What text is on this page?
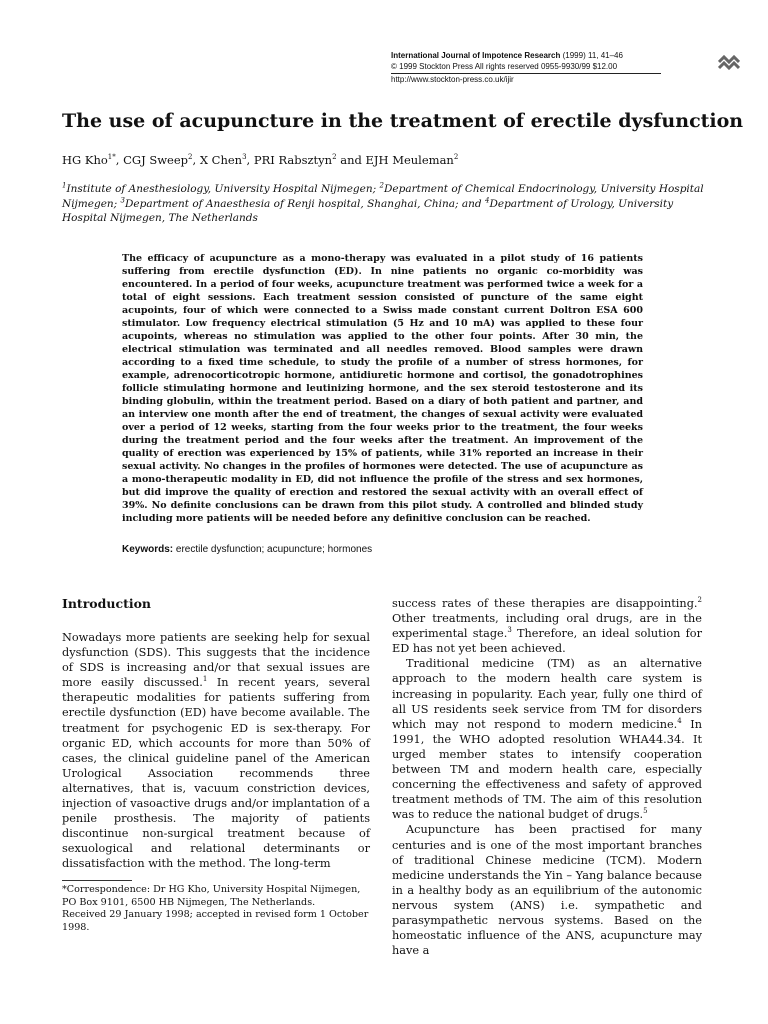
International Journal of Impotence Research (1999) 11, 41–46
© 1999 Stockton Press All rights reserved 0955-9930/99 $12.00
http://www.stockton-press.co.uk/ijir
The use of acupuncture in the treatment of erectile dysfunction
HG Kho$^{1*}$, CGJ Sweep$^2$, X Chen$^3$, PRI Rabsztyn$^2$ and EJH Meuleman$^2$
$^1$Institute of Anesthesiology, University Hospital Nijmegen; $^2$Department of Chemical Endocrinology, University Hospital Nijmegen; $^3$Department of Anaesthesia of Renji hospital, Shanghai, China; and $^4$Department of Urology, University Hospital Nijmegen, The Netherlands
The efficacy of acupuncture as a mono-therapy was evaluated in a pilot study of 16 patients suffering from erectile dysfunction (ED). In nine patients no organic co-morbidity was encountered. In a period of four weeks, acupuncture treatment was performed twice a week for a total of eight sessions. Each treatment session consisted of puncture of the same eight acupoints, four of which were connected to a Swiss made constant current Doltron ESA 600 stimulator. Low frequency electrical stimulation (5 Hz and 10 mA) was applied to these four acupoints, whereas no stimulation was applied to the other four points. After 30 min, the electrical stimulation was terminated and all needles removed. Blood samples were drawn according to a fixed time schedule, to study the profile of a number of stress hormones, for example, adrenocorticotropic hormone, antidiuretic hormone and cortisol, the gonadotrophines follicle stimulating hormone and leutinizing hormone, and the sex steroid testosterone and its binding globulin, within the treatment period. Based on a diary of both patient and partner, and an interview one month after the end of treatment, the changes of sexual activity were evaluated over a period of 12 weeks, starting from the four weeks prior to the treatment, the four weeks during the treatment period and the four weeks after the treatment. An improvement of the quality of erection was experienced by 15% of patients, while 31% reported an increase in their sexual activity. No changes in the profiles of hormones were detected. The use of acupuncture as a mono-therapeutic modality in ED, did not influence the profile of the stress and sex hormones, but did improve the quality of erection and restored the sexual activity with an overall effect of 39%. No definite conclusions can be drawn from this pilot study. A controlled and blinded study including more patients will be needed before any definitive conclusion can be reached.
Keywords: erectile dysfunction; acupuncture; hormones
Introduction

Nowadays more patients are seeking help for sexual dysfunction (SDS). This suggests that the incidence of SDS is increasing and/or that sexual issues are more easily discussed.$^1$ In recent years, several therapeutic modalities for patients suffering from erectile dysfunction (ED) have become available. The treatment for psychogenic ED is sex-therapy. For organic ED, which accounts for more than 50% of cases, the clinical guideline panel of the American Urological Association recommends three alternatives, that is, vacuum constriction devices, injection of vasoactive drugs and/or implantation of a penile prosthesis. The majority of patients discontinue non-surgical treatment because of sexuological and relational determinants or dissatisfaction with the method. The long-term

success rates of these therapies are disappointing.$^2$ Other treatments, including oral drugs, are in the experimental stage.$^3$ Therefore, an ideal solution for ED has not yet been achieved.

Traditional medicine (TM) as an alternative approach to the modern health care system is increasing in popularity. Each year, fully one third of all US residents seek service from TM for disorders which may not respond to modern medicine.$^4$ In 1991, the WHO adopted resolution WHA44.34. It urged member states to intensify cooperation between TM and modern health care, especially concerning the effectiveness and safety of approved treatment methods of TM. The aim of this resolution was to reduce the national budget of drugs.$^5$

Acupuncture has been practised for many centuries and is one of the most important branches of traditional Chinese medicine (TCM). Modern medicine understands the Yin – Yang balance because in a healthy body as an equilibrium of the autonomic nervous system (ANS) i.e. sympathetic and parasympathetic nervous systems. Based on the homeostatic influence of the ANS, acupuncture may have a

*Correspondence: Dr HG Kho, University Hospital Nijmegen, PO Box 9101, 6500 HB Nijmegen, The Netherlands.
Received 29 January 1998; accepted in revised form 1 October 1998.
